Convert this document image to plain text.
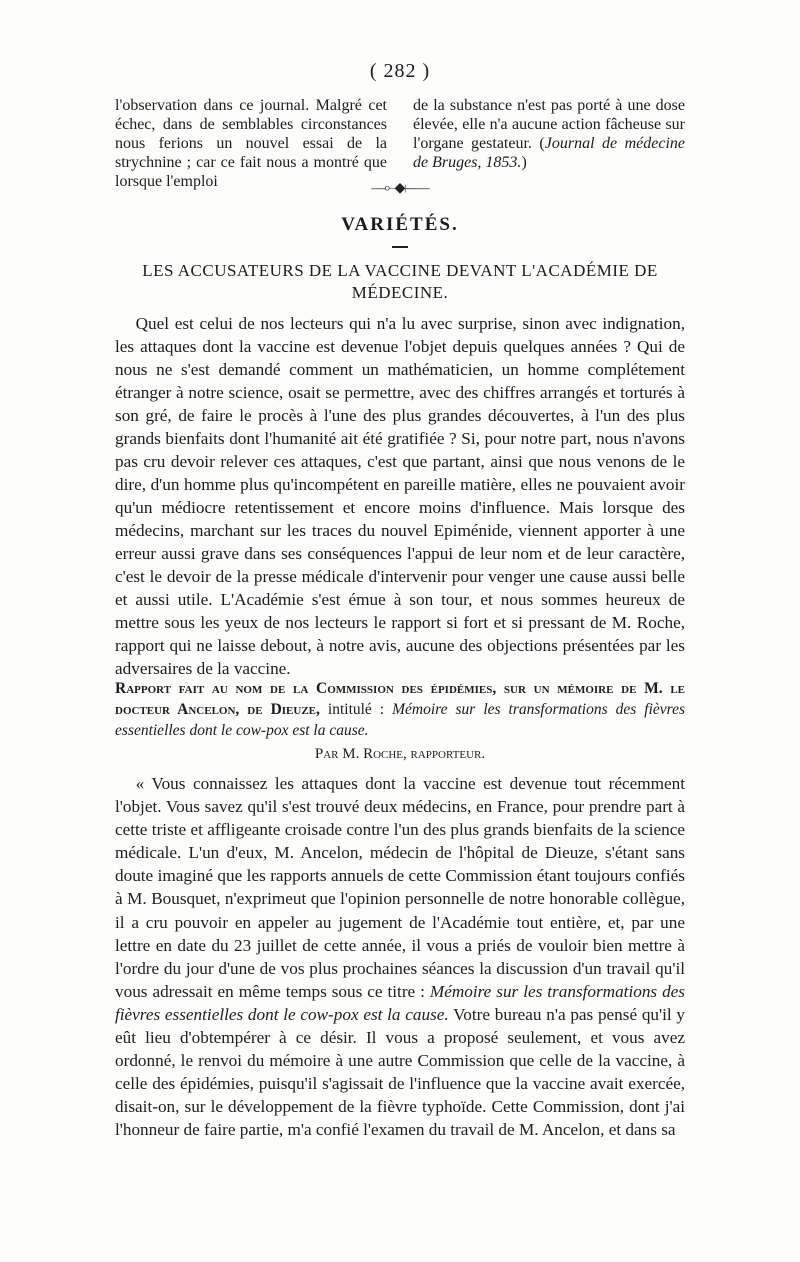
( 282 )
l'observation dans ce journal. Malgré cet échec, dans de semblables circonstances nous ferions un nouvel essai de la strychnine ; car ce fait nous a montré que lorsque l'emploi
de la substance n'est pas porté à une dose élevée, elle n'a aucune action fâcheuse sur l'organe gestateur. (Journal de médecine de Bruges, 1853.)
—⟜◆⟝—
VARIÉTÉS.
LES ACCUSATEURS DE LA VACCINE DEVANT L'ACADÉMIE DE MÉDECINE.

Quel est celui de nos lecteurs qui n'a lu avec surprise, sinon avec indignation, les attaques dont la vaccine est devenue l'objet depuis quelques années ? Qui de nous ne s'est demandé comment un mathématicien, un homme complétement étranger à notre science, osait se permettre, avec des chiffres arrangés et torturés à son gré, de faire le procès à l'une des plus grandes découvertes, à l'un des plus grands bienfaits dont l'humanité ait été gratifiée ? Si, pour notre part, nous n'avons pas cru devoir relever ces attaques, c'est que partant, ainsi que nous venons de le dire, d'un homme plus qu'incompétent en pareille matière, elles ne pouvaient avoir qu'un médiocre retentissement et encore moins d'influence. Mais lorsque des médecins, marchant sur les traces du nouvel Epiménide, viennent apporter à une erreur aussi grave dans ses conséquences l'appui de leur nom et de leur caractère, c'est le devoir de la presse médicale d'intervenir pour venger une cause aussi belle et aussi utile. L'Académie s'est émue à son tour, et nous sommes heureux de mettre sous les yeux de nos lecteurs le rapport si fort et si pressant de M. Roche, rapport qui ne laisse debout, à notre avis, aucune des objections présentées par les adversaires de la vaccine.

Rapport fait au nom de la Commission des épidémies, sur un mémoire de M. le docteur Ancelon, de Dieuze, intitulé : Mémoire sur les transformations des fièvres essentielles dont le cow-pox est la cause.

Par M. Roche, rapporteur.

« Vous connaissez les attaques dont la vaccine est devenue tout récemment l'objet. Vous savez qu'il s'est trouvé deux médecins, en France, pour prendre part à cette triste et affligeante croisade contre l'un des plus grands bienfaits de la science médicale. L'un d'eux, M. Ancelon, médecin de l'hôpital de Dieuze, s'étant sans doute imaginé que les rapports annuels de cette Commission étant toujours confiés à M. Bousquet, n'exprimeut que l'opinion personnelle de notre honorable collègue, il a cru pouvoir en appeler au jugement de l'Académie tout entière, et, par une lettre en date du 23 juillet de cette année, il vous a priés de vouloir bien mettre à l'ordre du jour d'une de vos plus prochaines séances la discussion d'un travail qu'il vous adressait en même temps sous ce titre : Mémoire sur les transformations des fièvres essentielles dont le cow-pox est la cause. Votre bureau n'a pas pensé qu'il y eût lieu d'obtempérer à ce désir. Il vous a proposé seulement, et vous avez ordonné, le renvoi du mémoire à une autre Commission que celle de la vaccine, à celle des épidémies, puisqu'il s'agissait de l'influence que la vaccine avait exercée, disait-on, sur le développement de la fièvre typhoïde. Cette Commission, dont j'ai l'honneur de faire partie, m'a confié l'examen du travail de M. Ancelon, et dans sa
